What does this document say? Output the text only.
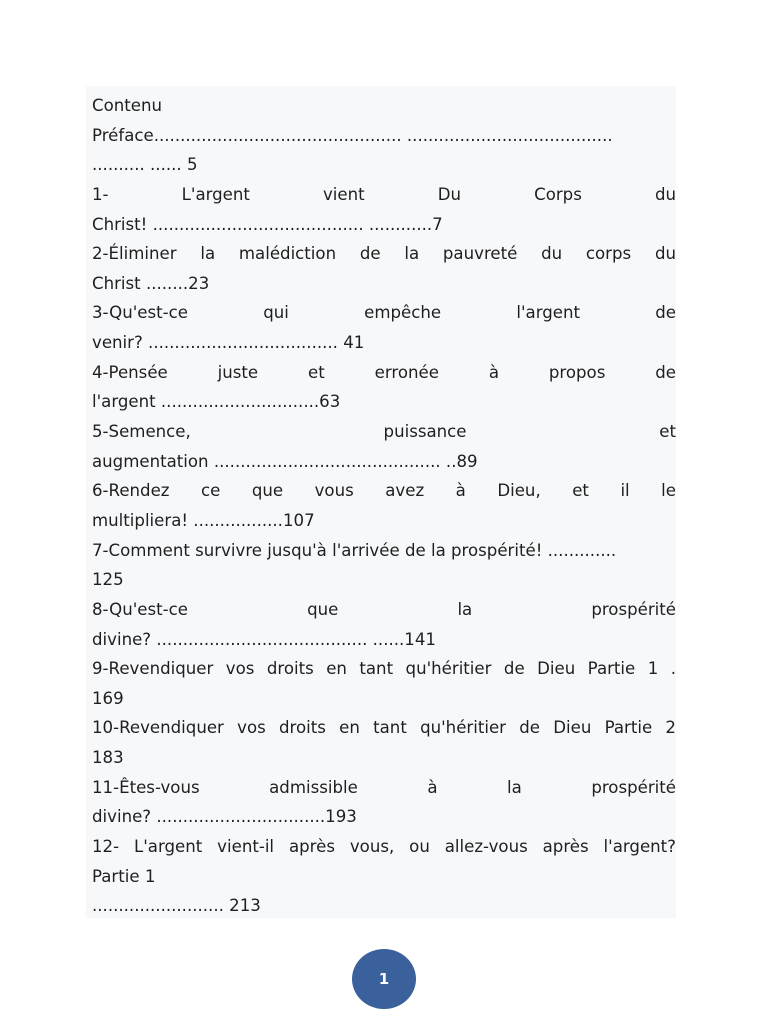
Contenu
Préface............................................... .......................................
.......... ...... 5
1- L'argent vient Du Corps du
Christ! ........................................ ............7
2-Éliminer la malédiction de la pauvreté du corps du
Christ ........23
3-Qu'est-ce qui empêche l'argent de
venir? .................................... 41
4-Pensée juste et erronée à propos de
l'argent ..............................63
5-Semence, puissance et
augmentation ........................................... ..89
6-Rendez ce que vous avez à Dieu, et il le
multipliera! .................107
7-Comment survivre jusqu'à l'arrivée de la prospérité! .............
125
8-Qu'est-ce que la prospérité
divine? ........................................ ......141
9-Revendiquer vos droits en tant qu'héritier de Dieu Partie 1 .
169
10-Revendiquer vos droits en tant qu'héritier de Dieu Partie 2
183
11-Êtes-vous admissible à la prospérité
divine? ................................193
12- L'argent vient-il après vous, ou allez-vous après l'argent?
Partie 1
......................... 213
1
